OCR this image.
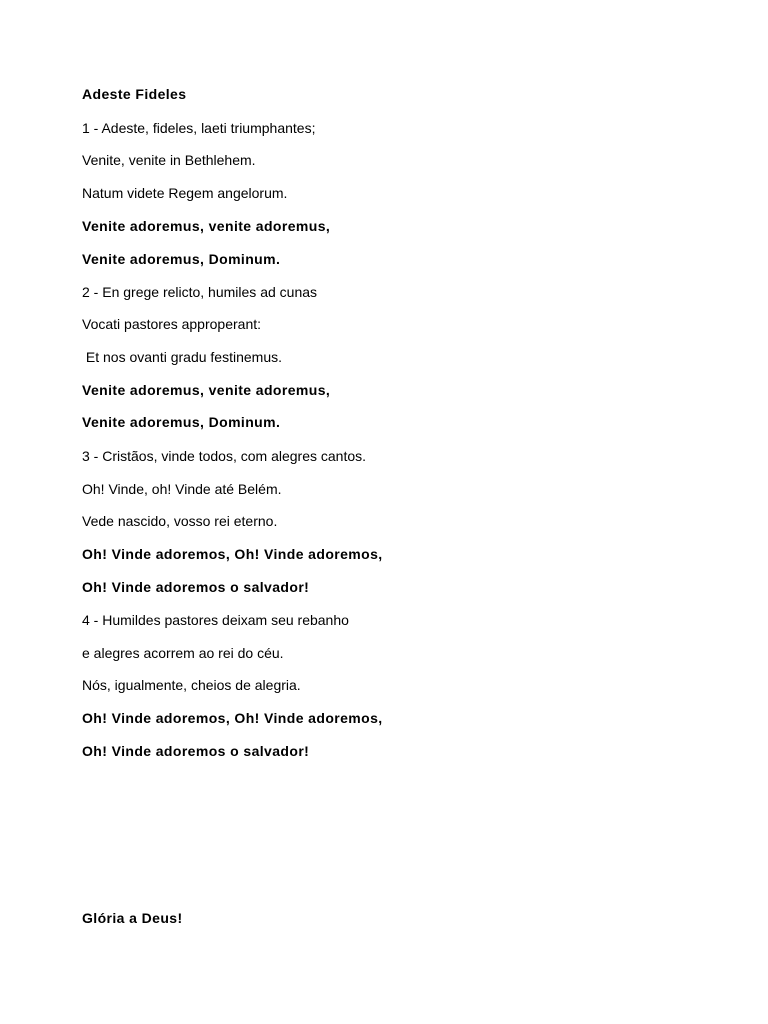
Adeste Fideles
1 - Adeste, fideles, laeti triumphantes;
Venite, venite in Bethlehem.
Natum videte Regem angelorum.
Venite adoremus, venite adoremus,
Venite adoremus, Dominum.
2 - En grege relicto, humiles ad cunas
Vocati pastores approperant:
Et nos ovanti gradu festinemus.
Venite adoremus, venite adoremus,
Venite adoremus, Dominum.
3 - Cristãos, vinde todos, com alegres cantos.
Oh! Vinde, oh! Vinde até Belém.
Vede nascido, vosso rei eterno.
Oh! Vinde adoremos, Oh! Vinde adoremos,
Oh! Vinde adoremos o salvador!
4 - Humildes pastores deixam seu rebanho
e alegres acorrem ao rei do céu.
Nós, igualmente, cheios de alegria.
Oh! Vinde adoremos, Oh! Vinde adoremos,
Oh! Vinde adoremos o salvador!
Glória a Deus!
